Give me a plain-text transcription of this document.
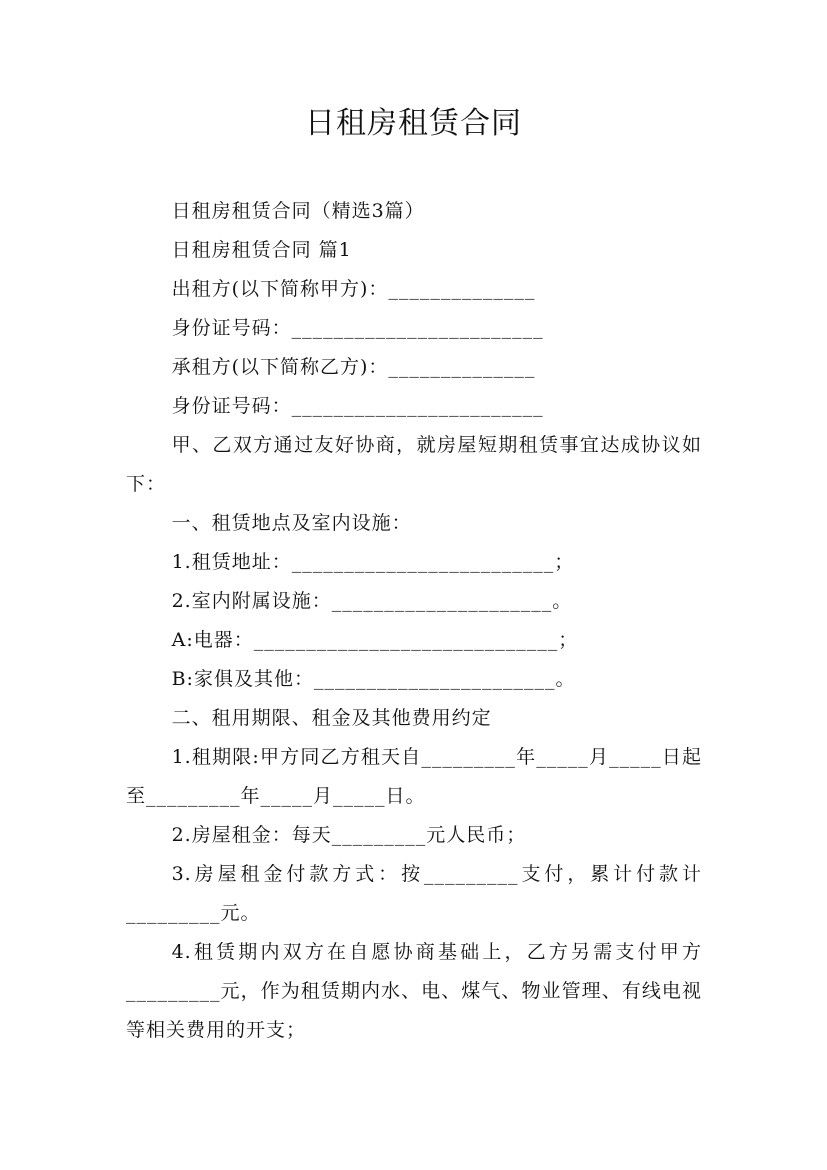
日租房租赁合同

日租房租赁合同（精选3篇）

日租房租赁合同 篇1

出租方(以下简称甲方)：______________

身份证号码：________________________

承租方(以下简称乙方)：______________

身份证号码：________________________

甲、乙双方通过友好协商，就房屋短期租赁事宜达成协议如下：

一、租赁地点及室内设施：

1.租赁地址：_________________________；

2.室内附属设施：_____________________。

A:电器：_____________________________；

B:家俱及其他：_______________________。

二、租用期限、租金及其他费用约定

1.租期限:甲方同乙方租天自_________年_____月_____日起至_________年_____月_____日。

2.房屋租金：每天_________元人民币；

3.房屋租金付款方式：按_________支付，累计付款计_________元。

4.租赁期内双方在自愿协商基础上，乙方另需支付甲方_________元，作为租赁期内水、电、煤气、物业管理、有线电视等相关费用的开支；
